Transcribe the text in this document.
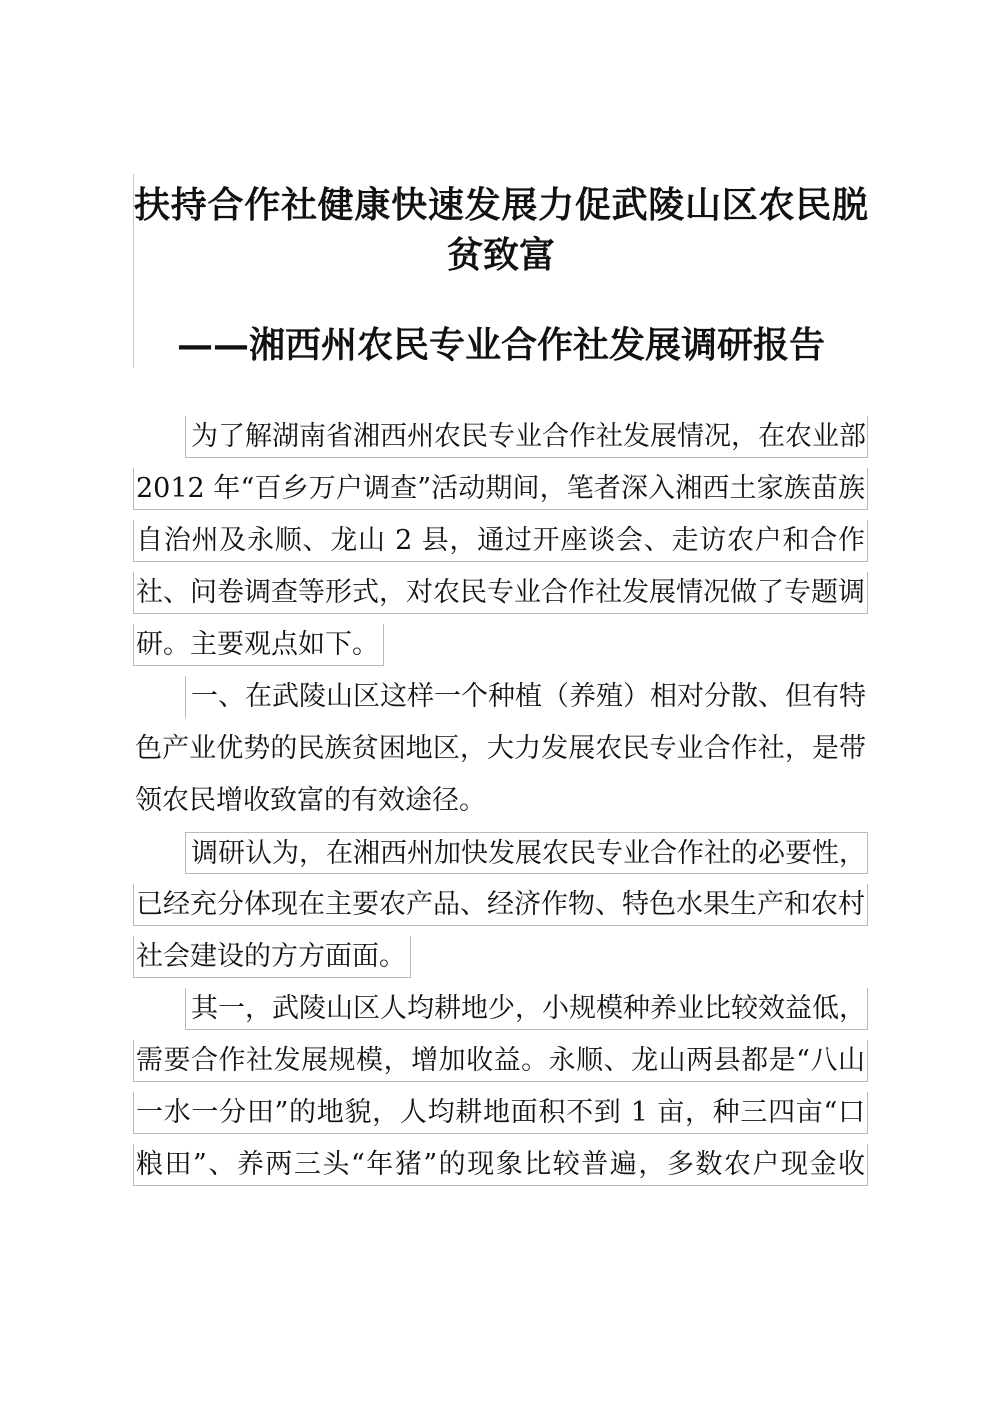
扶持合作社健康快速发展力促武陵山区农民脱
贫致富
——湘西州农民专业合作社发展调研报告
为了解湖南省湘西州农民专业合作社发展情况，在农业部
2012 年“百乡万户调查”活动期间，笔者深入湘西土家族苗族
自治州及永顺、龙山 2 县，通过开座谈会、走访农户和合作
社、问卷调查等形式，对农民专业合作社发展情况做了专题调
研。主要观点如下。
一、在武陵山区这样一个种植（养殖）相对分散、但有特
色产业优势的民族贫困地区，大力发展农民专业合作社，是带
领农民增收致富的有效途径。
调研认为，在湘西州加快发展农民专业合作社的必要性，
已经充分体现在主要农产品、经济作物、特色水果生产和农村
社会建设的方方面面。
其一，武陵山区人均耕地少，小规模种养业比较效益低，
需要合作社发展规模，增加收益。永顺、龙山两县都是“八山
一水一分田”的地貌，人均耕地面积不到 1 亩，种三四亩“口
粮田”、养两三头“年猪”的现象比较普遍，多数农户现金收
